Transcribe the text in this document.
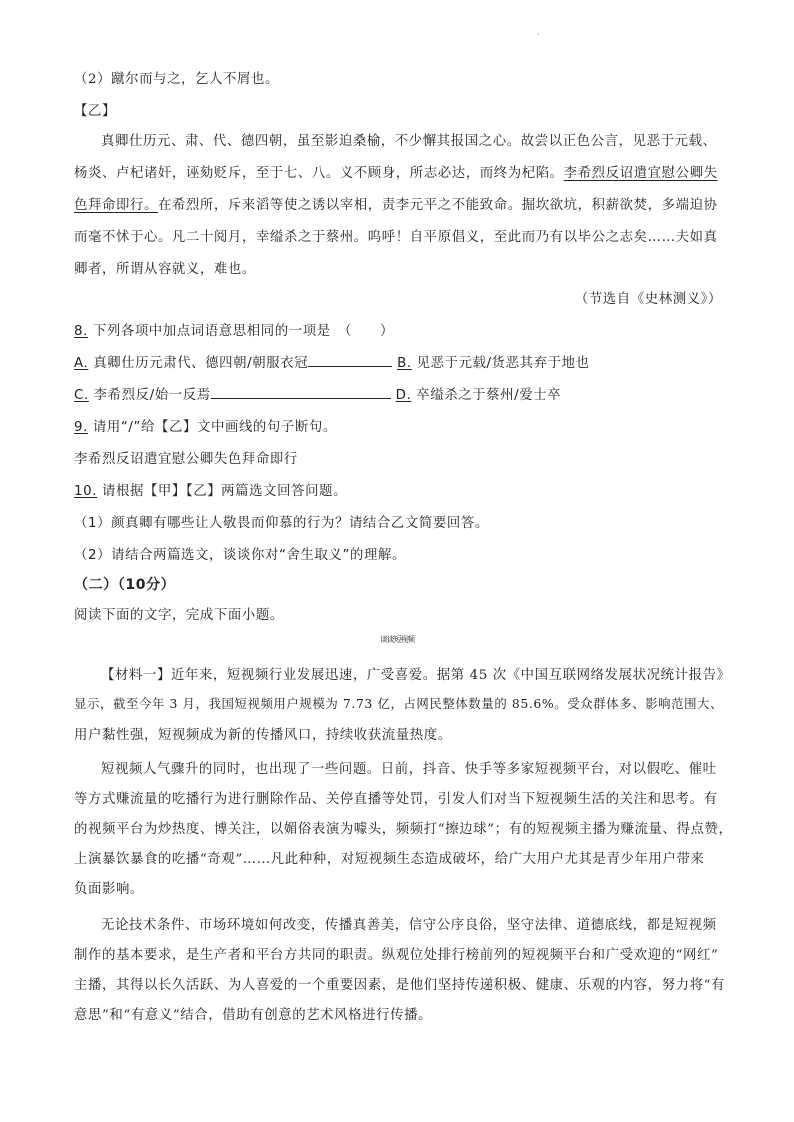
·
（2）蹴尔而与之，乞人不屑也。
【乙】
真卿仕历元、肃、代、德四朝，虽至影迫桑榆，不少懈其报国之心。故尝以正色公言，见恶于元载、
杨炎、卢杞诸奸，诬劾贬斥，至于七、八。义不顾身，所志必达，而终为杞陷。李希烈反诏遣宜慰公卿失
色拜命即行。在希烈所，斥来滔等使之诱以宰相，责李元平之不能致命。掘坎欲坑，积薪欲焚，多端迫协
而毫不怵于心。凡二十阅月，幸缢杀之于蔡州。呜呼！自平原倡义，至此而乃有以毕公之志矣……夫如真
卿者，所谓从容就义，难也。
（节选自《史林测义》）
8. 下列各项中加点词语意思相同的一项是　（　　）
A. 真卿仕历元肃代、德四朝/朝服衣冠	B. 见恶于元载/货恶其弃于地也
C. 李希烈反/始一反焉	D. 卒缢杀之于蔡州/爱士卒
9. 请用“/”给【乙】文中画线的句子断句。
李希烈反诏遣宜慰公卿失色拜命即行
10. 请根据【甲】【乙】两篇选文回答问题。
（1）颜真卿有哪些让人敬畏而仰慕的行为？请结合乙文简要回答。
（2）请结合两篇选文，谈谈你对“舍生取义”的理解。
（二）（10分）
阅读下面的文字，完成下面小题。
谈谈短视频
【材料一】近年来，短视频行业发展迅速，广受喜爱。据第 45 次《中国互联网络发展状况统计报告》
显示，截至今年 3 月，我国短视频用户规模为 7.73 亿，占网民整体数量的 85.6%。受众群体多、影响范围大、
用户黏性强，短视频成为新的传播风口，持续收获流量热度。
短视频人气骤升的同时，也出现了一些问题。日前，抖音、快手等多家短视频平台，对以假吃、催吐
等方式赚流量的吃播行为进行删除作品、关停直播等处罚，引发人们对当下短视频生活的关注和思考。有
的视频平台为炒热度、博关注，以媚俗表演为噱头，频频打“擦边球”；有的短视频主播为赚流量、得点赞，
上演暴饮暴食的吃播“奇观”……凡此种种，对短视频生态造成破坏，给广大用户尤其是青少年用户带来
负面影响。
无论技术条件、市场环境如何改变，传播真善美，信守公序良俗，坚守法律、道德底线，都是短视频
制作的基本要求，是生产者和平台方共同的职责。纵观位处排行榜前列的短视频平台和广受欢迎的“网红”
主播，其得以长久活跃、为人喜爱的一个重要因素，是他们坚持传递积极、健康、乐观的内容，努力将“有
意思”和“有意义”结合，借助有创意的艺术风格进行传播。
